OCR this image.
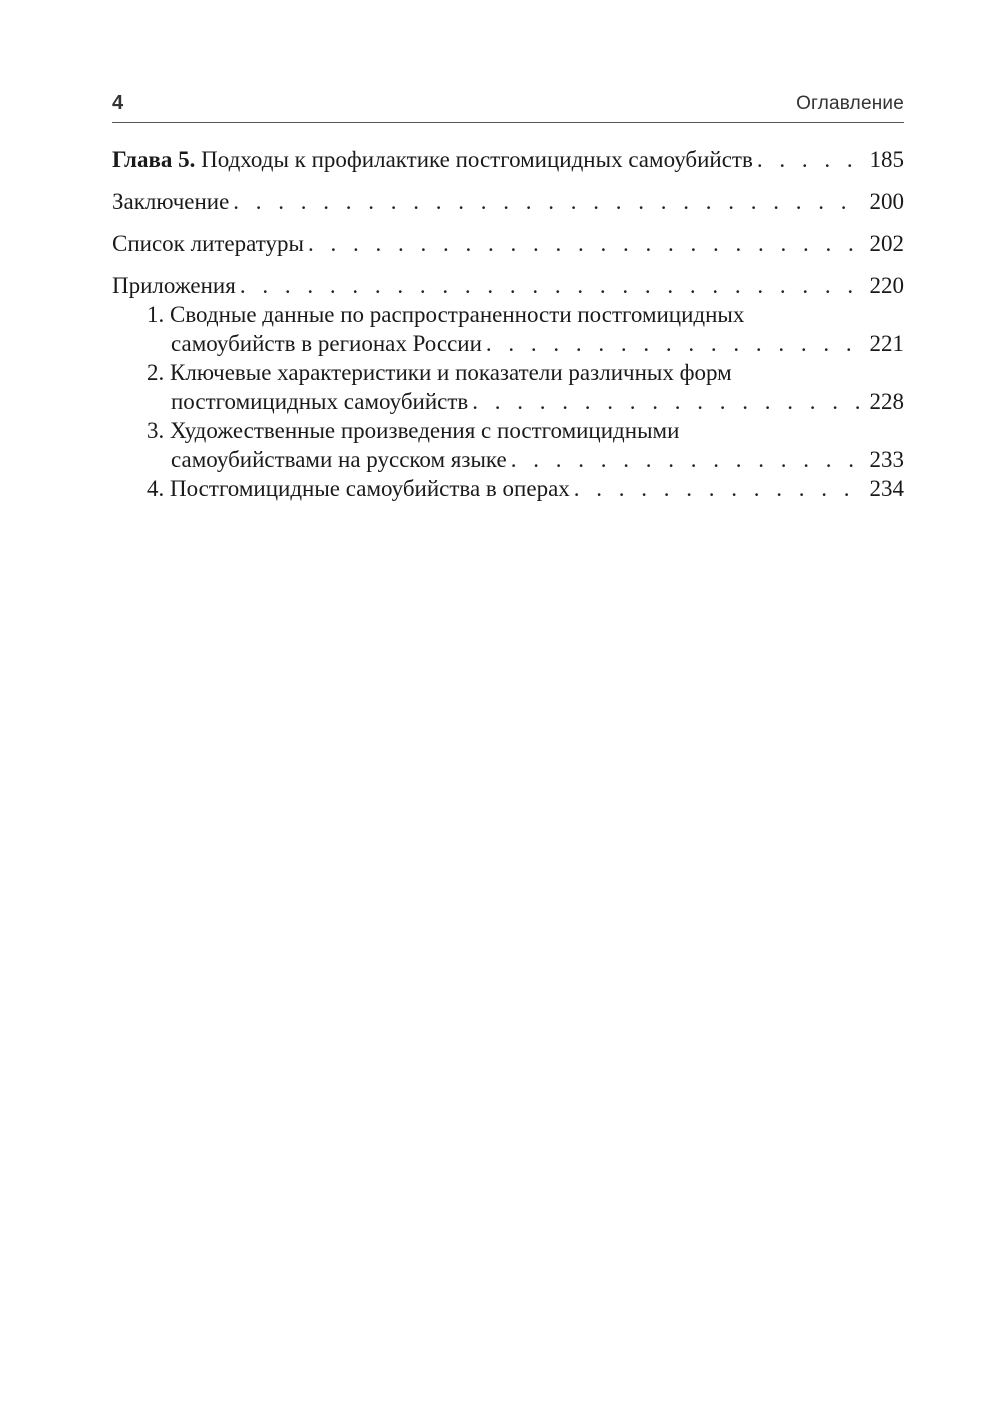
4	Оглавление
Глава 5. Подходы к профилактике постгомицидных самоубийств . . .	185
Заключение . . .	200
Список литературы . . .	202
Приложения . . .	220
1. Сводные данные по распространенности постгомицидных
самоубийств в регионах России . . .	221
2. Ключевые характеристики и показатели различных форм
постгомицидных самоубийств . . .	228
3. Художественные произведения с постгомицидными
самоубийствами на русском языке . . .	233
4. Постгомицидные самоубийства в операх . . .	234
